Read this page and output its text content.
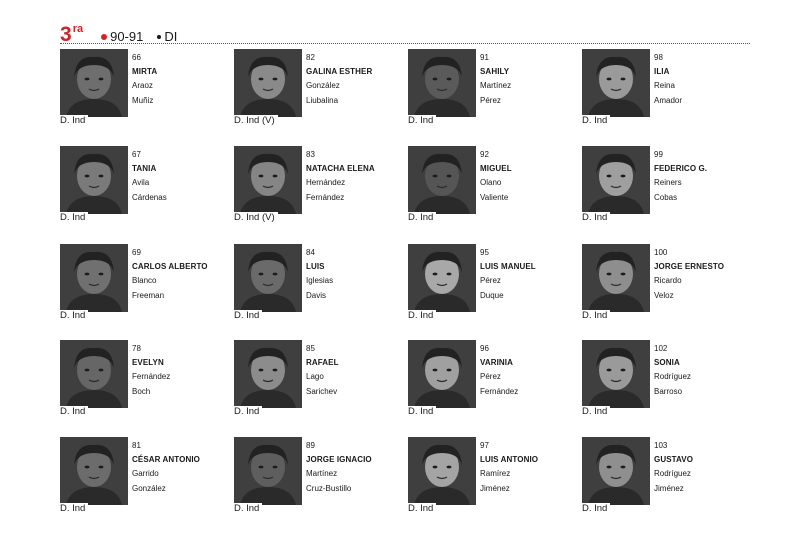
3 ra 90-91 DI
D. Ind
66
MIRTA
Araoz
Muñiz
D. Ind (V)
82
GALINA ESTHER
González
Liubalina
D. Ind
91
SAHILY
Martínez
Pérez
D. Ind
98
ILIA
Reina
Amador
D. Ind
67
TANIA
Avila
Cárdenas
D. Ind (V)
83
NATACHA ELENA
Hernández
Fernández
D. Ind
92
MIGUEL
Olano
Valiente
D. Ind
99
FEDERICO G.
Reiners
Cobas
D. Ind
69
CARLOS ALBERTO
Blanco
Freeman
D. Ind
84
LUIS
Iglesias
Davis
D. Ind
95
LUIS MANUEL
Pérez
Duque
D. Ind
100
JORGE ERNESTO
Ricardo
Veloz
D. Ind
78
EVELYN
Fernández
Boch
D. Ind
85
RAFAEL
Lago
Sarichev
D. Ind
96
VARINIA
Pérez
Fernández
D. Ind
102
SONIA
Rodríguez
Barroso
D. Ind
81
CÉSAR ANTONIO
Garrido
González
D. Ind
89
JORGE IGNACIO
Martínez
Cruz-Bustillo
D. Ind
97
LUIS ANTONIO
Ramírez
Jiménez
D. Ind
103
GUSTAVO
Rodríguez
Jiménez
